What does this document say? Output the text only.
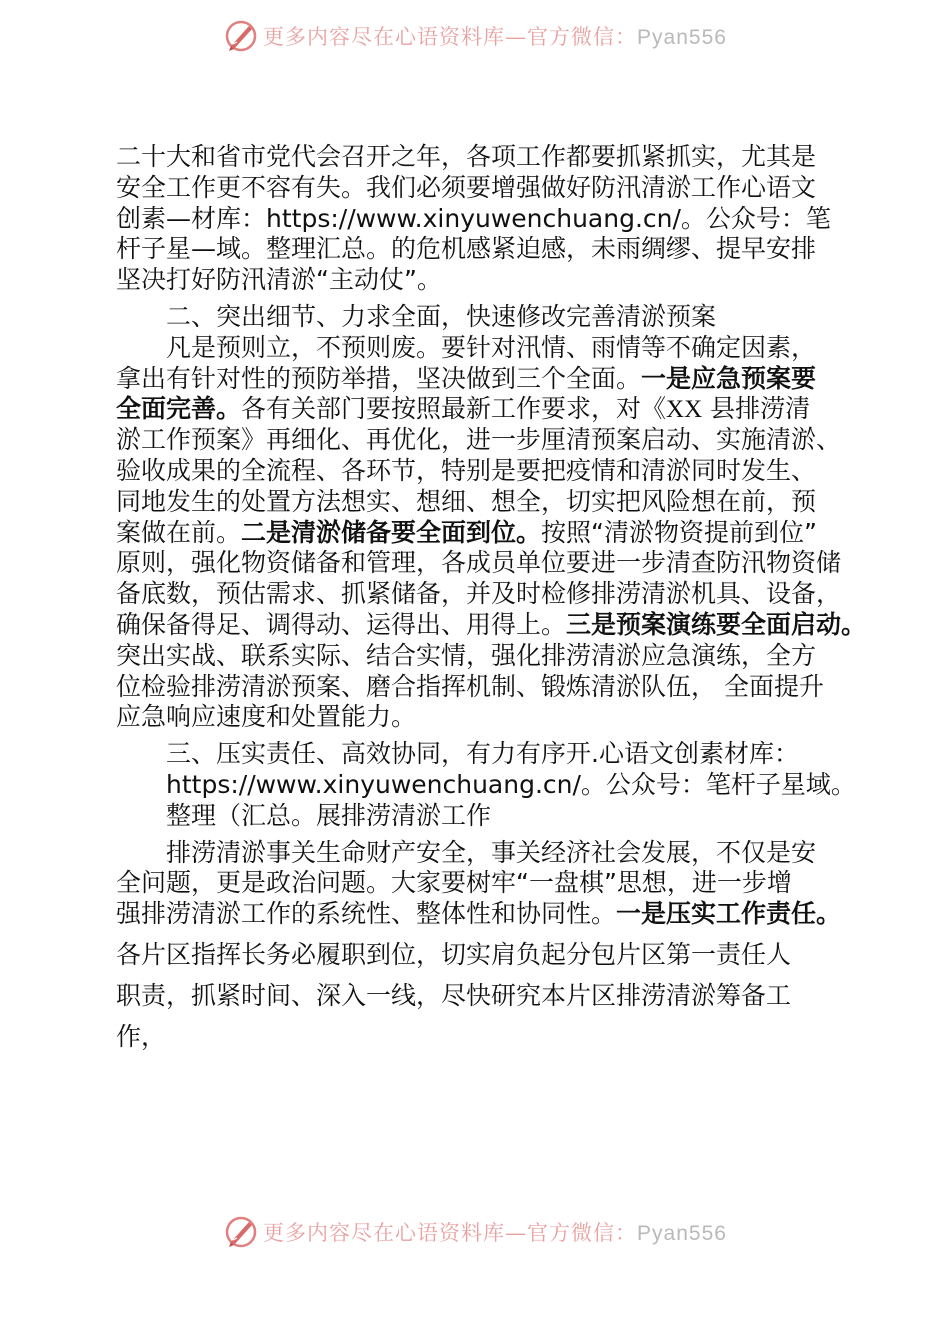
更多内容尽在心语资料库—官方微信：Pyan556
二十大和省市党代会召开之年，各项工作都要抓紧抓实，尤其是
安全工作更不容有失。我们必须要增强做好防汛清淤工作心语文
创素—材库：https://www.xinyuwenchuang.cn/。公众号：笔
杆子星—域。整理汇总。的危机感紧迫感，未雨绸缪、提早安排
坚决打好防汛清淤“主动仗”。
二、突出细节、力求全面，快速修改完善清淤预案
凡是预则立，不预则废。要针对汛情、雨情等不确定因素，
拿出有针对性的预防举措，坚决做到三个全面。一是应急预案要
全面完善。各有关部门要按照最新工作要求，对《XX 县排涝清
淤工作预案》再细化、再优化，进一步厘清预案启动、实施清淤、
验收成果的全流程、各环节，特别是要把疫情和清淤同时发生、
同地发生的处置方法想实、想细、想全，切实把风险想在前，预
案做在前。二是清淤储备要全面到位。按照“清淤物资提前到位”
原则，强化物资储备和管理，各成员单位要进一步清查防汛物资储
备底数，预估需求、抓紧储备，并及时检修排涝清淤机具、设备，
确保备得足、调得动、运得出、用得上。三是预案演练要全面启动。
突出实战、联系实际、结合实情，强化排涝清淤应急演练，全方
位检验排涝清淤预案、磨合指挥机制、锻炼清淤队伍， 全面提升
应急响应速度和处置能力。
三、压实责任、高效协同，有力有序开.心语文创素材库：
https://www.xinyuwenchuang.cn/。公众号：笔杆子星域。
整理（汇总。展排涝清淤工作
排涝清淤事关生命财产安全，事关经济社会发展，不仅是安
全问题，更是政治问题。大家要树牢“一盘棋”思想，进一步增
强排涝清淤工作的系统性、整体性和协同性。一是压实工作责任。
各片区指挥长务必履职到位，切实肩负起分包片区第一责任人
职责，抓紧时间、深入一线，尽快研究本片区排涝清淤筹备工
作，
更多内容尽在心语资料库—官方微信：Pyan556
